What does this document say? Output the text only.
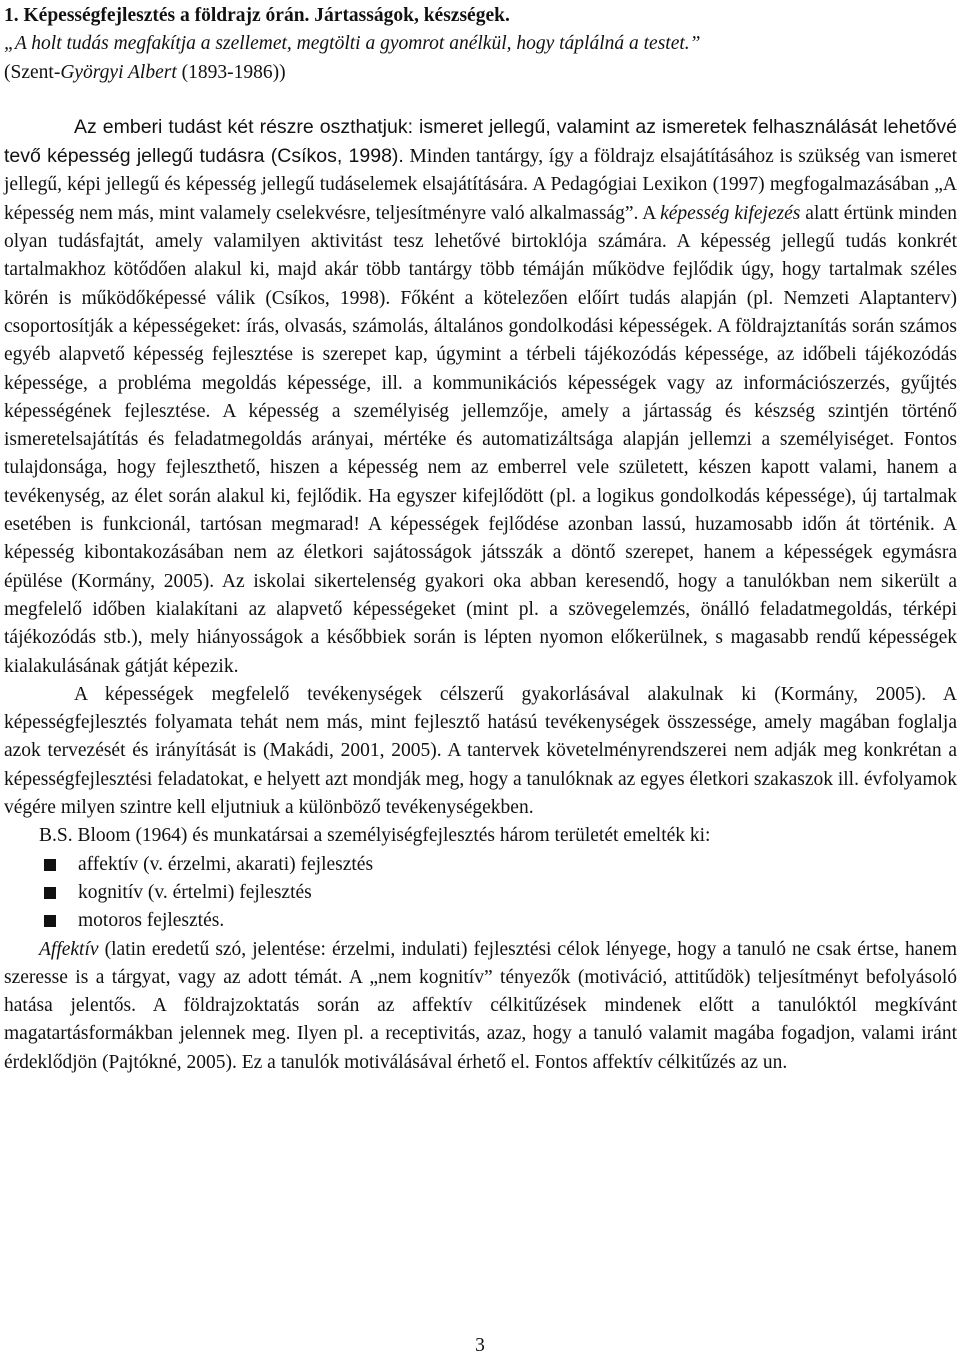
1. Képességfejlesztés a földrajz órán. Jártasságok, készségek.

„A holt tudás megfakítja a szellemet, megtölti a gyomrot anélkül, hogy táplálná a testet.”

(Szent-Györgyi Albert (1893-1986))

Az emberi tudást két részre oszthatjuk: ismeret jellegű, valamint az ismeretek felhasználását lehetővé tevő képesség jellegű tudásra (Csíkos, 1998). Minden tantárgy, így a földrajz elsajátításához is szükség van ismeret jellegű, képi jellegű és képesség jellegű tudáselemek elsajátítására. A Pedagógiai Lexikon (1997) megfogalmazásában „A képesség nem más, mint valamely cselekvésre, teljesítményre való alkalmasság”. A képesség kifejezés alatt értünk minden olyan tudásfajtát, amely valamilyen aktivitást tesz lehetővé birtoklója számára. A képesség jellegű tudás konkrét tartalmakhoz kötődően alakul ki, majd akár több tantárgy több témáján működve fejlődik úgy, hogy tartalmak széles körén is működőképessé válik (Csíkos, 1998). Főként a kötelezően előírt tudás alapján (pl. Nemzeti Alaptanterv) csoportosítják a képességeket: írás, olvasás, számolás, általános gondolkodási képességek. A földrajztanítás során számos egyéb alapvető képesség fejlesztése is szerepet kap, úgymint a térbeli tájékozódás képessége, az időbeli tájékozódás képessége, a probléma megoldás képessége, ill. a kommunikációs képességek vagy az információszerzés, gyűjtés képességének fejlesztése. A képesség a személyiség jellemzője, amely a jártasság és készség szintjén történő ismeretelsajátítás és feladatmegoldás arányai, mértéke és automatizáltsága alapján jellemzi a személyiséget. Fontos tulajdonsága, hogy fejleszthető, hiszen a képesség nem az emberrel vele született, készen kapott valami, hanem a tevékenység, az élet során alakul ki, fejlődik. Ha egyszer kifejlődött (pl. a logikus gondolkodás képessége), új tartalmak esetében is funkcionál, tartósan megmarad! A képességek fejlődése azonban lassú, huzamosabb időn át történik. A képesség kibontakozásában nem az életkori sajátosságok játsszák a döntő szerepet, hanem a képességek egymásra épülése (Kormány, 2005). Az iskolai sikertelenség gyakori oka abban keresendő, hogy a tanulókban nem sikerült a megfelelő időben kialakítani az alapvető képességeket (mint pl. a szövegelemzés, önálló feladatmegoldás, térképi tájékozódás stb.), mely hiányosságok a későbbiek során is lépten nyomon előkerülnek, s magasabb rendű képességek kialakulásának gátját képezik.

A képességek megfelelő tevékenységek célszerű gyakorlásával alakulnak ki (Kormány, 2005). A képességfejlesztés folyamata tehát nem más, mint fejlesztő hatású tevékenységek összessége, amely magában foglalja azok tervezését és irányítását is (Makádi, 2001, 2005). A tantervek követelményrendszerei nem adják meg konkrétan a képességfejlesztési feladatokat, e helyett azt mondják meg, hogy a tanulóknak az egyes életkori szakaszok ill. évfolyamok végére milyen szintre kell eljutniuk a különböző tevékenységekben.

B.S. Bloom (1964) és munkatársai a személyiségfejlesztés három területét emelték ki:

affektív (v. érzelmi, akarati) fejlesztés
kognitív (v. értelmi) fejlesztés
motoros fejlesztés.

Affektív (latin eredetű szó, jelentése: érzelmi, indulati) fejlesztési célok lényege, hogy a tanuló ne csak értse, hanem szeresse is a tárgyat, vagy az adott témát. A „nem kognitív” tényezők (motiváció, attitűdök) teljesítményt befolyásoló hatása jelentős. A földrajzoktatás során az affektív célkitűzések mindenek előtt a tanulóktól megkívánt magatartásformákban jelennek meg. Ilyen pl. a receptivitás, azaz, hogy a tanuló valamit magába fogadjon, valami iránt érdeklődjön (Pajtókné, 2005). Ez a tanulók motiválásával érhető el. Fontos affektív célkitűzés az un.

3
